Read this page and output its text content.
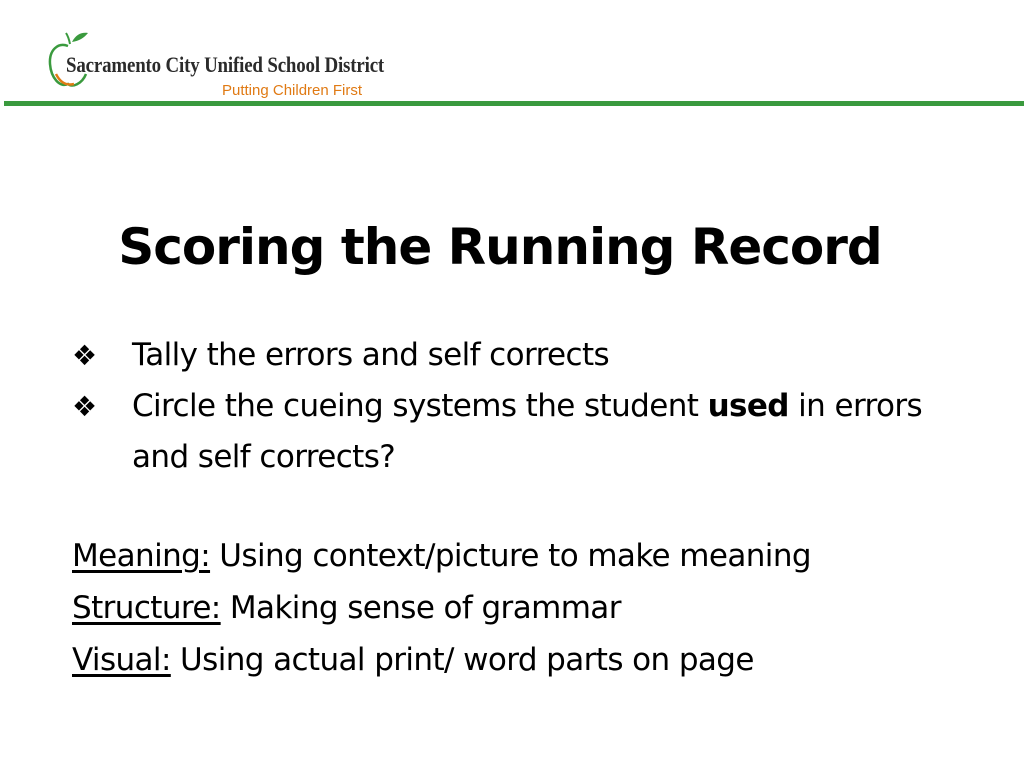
Sacramento City Unified School District
Putting Children First
Scoring the Running Record
❖	Tally the errors and self corrects
❖	Circle the cueing systems the student used in errors and self corrects?
Meaning: Using context/picture to make meaning
Structure: Making sense of grammar
Visual: Using actual print/ word parts on page
